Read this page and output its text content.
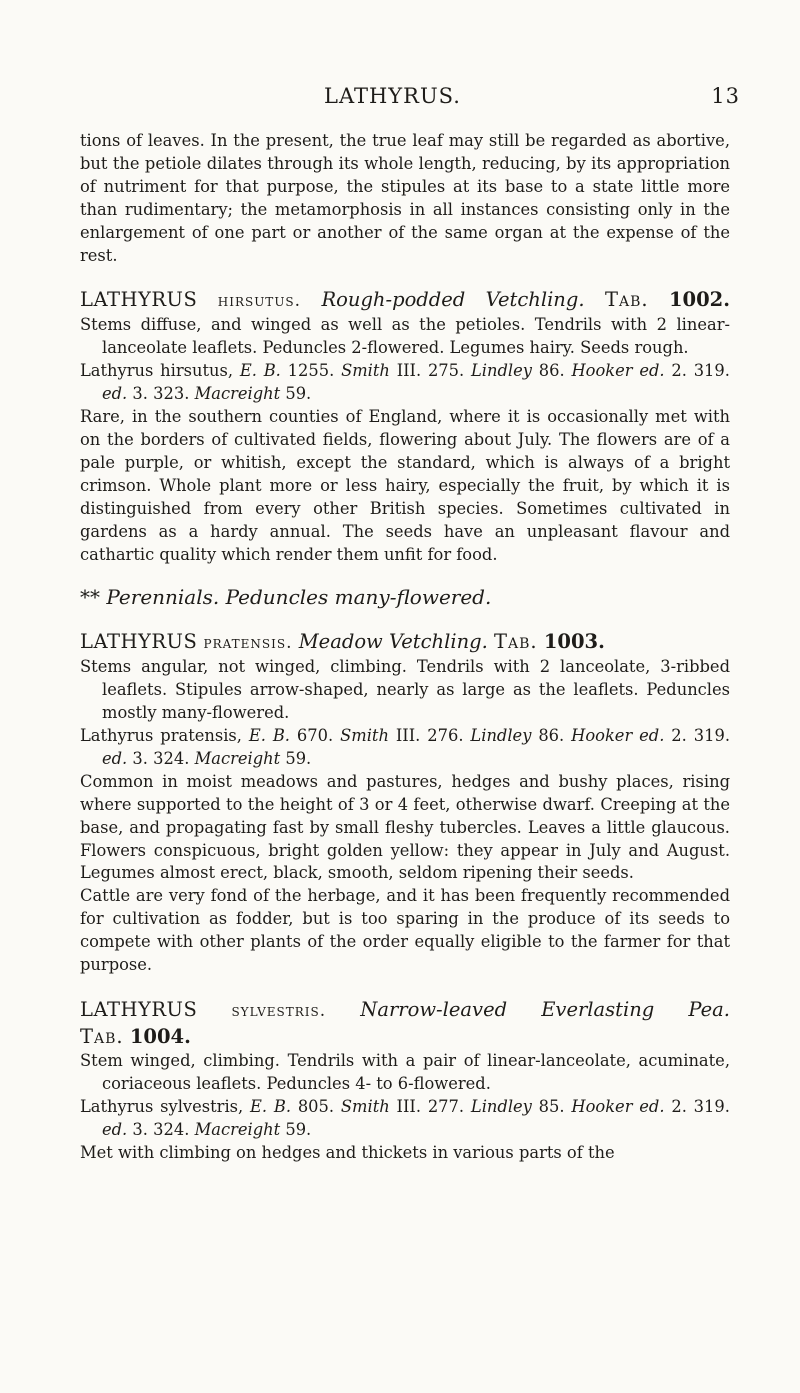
LATHYRUS.	13

tions of leaves. In the present, the true leaf may still be regarded as abortive, but the petiole dilates through its whole length, reducing, by its appropriation of nutriment for that purpose, the stipules at its base to a state little more than rudimentary; the metamorphosis in all instances consisting only in the enlargement of one part or another of the same organ at the expense of the rest.

LATHYRUS hirsutus. Rough-podded Vetchling. Tab. 1002.

Stems diffuse, and winged as well as the petioles. Tendrils with 2 linear-lanceolate leaflets. Peduncles 2-flowered. Legumes hairy. Seeds rough.

Lathyrus hirsutus, E. B. 1255. Smith III. 275. Lindley 86. Hooker ed. 2. 319. ed. 3. 323. Macreight 59.

Rare, in the southern counties of England, where it is occasionally met with on the borders of cultivated fields, flowering about July. The flowers are of a pale purple, or whitish, except the standard, which is always of a bright crimson. Whole plant more or less hairy, especially the fruit, by which it is distinguished from every other British species. Sometimes cultivated in gardens as a hardy annual. The seeds have an unpleasant flavour and cathartic quality which render them unfit for food.

** Perennials. Peduncles many-flowered.

LATHYRUS pratensis. Meadow Vetchling. Tab. 1003.

Stems angular, not winged, climbing. Tendrils with 2 lanceolate, 3-ribbed leaflets. Stipules arrow-shaped, nearly as large as the leaflets. Peduncles mostly many-flowered.

Lathyrus pratensis, E. B. 670. Smith III. 276. Lindley 86. Hooker ed. 2. 319. ed. 3. 324. Macreight 59.

Common in moist meadows and pastures, hedges and bushy places, rising where supported to the height of 3 or 4 feet, otherwise dwarf. Creeping at the base, and propagating fast by small fleshy tubercles. Leaves a little glaucous. Flowers conspicuous, bright golden yellow: they appear in July and August. Legumes almost erect, black, smooth, seldom ripening their seeds.

Cattle are very fond of the herbage, and it has been frequently recommended for cultivation as fodder, but is too sparing in the produce of its seeds to compete with other plants of the order equally eligible to the farmer for that purpose.

LATHYRUS sylvestris. Narrow-leaved Everlasting Pea.

Tab. 1004.

Stem winged, climbing. Tendrils with a pair of linear-lanceolate, acuminate, coriaceous leaflets. Peduncles 4- to 6-flowered.

Lathyrus sylvestris, E. B. 805. Smith III. 277. Lindley 85. Hooker ed. 2. 319. ed. 3. 324. Macreight 59.

Met with climbing on hedges and thickets in various parts of the
